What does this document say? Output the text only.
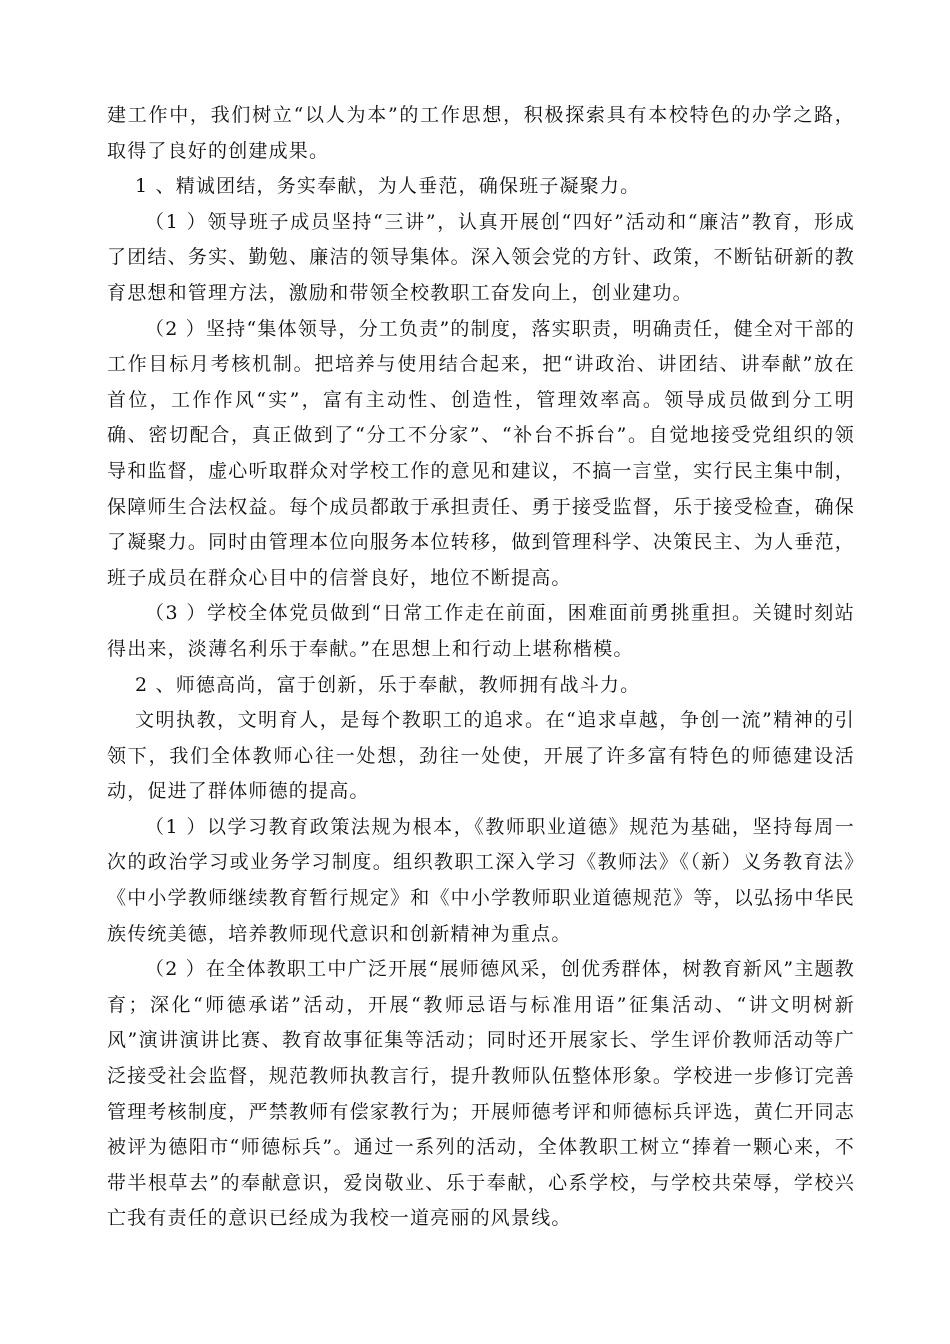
建工作中，我们树立“以人为本”的工作思想，积极探索具有本校特色的办学之路，取得了良好的创建成果。

1 、精诚团结，务实奉献，为人垂范，确保班子凝聚力。

（1 ）领导班子成员坚持“三讲”，认真开展创“四好”活动和“廉洁”教育，形成了团结、务实、勤勉、廉洁的领导集体。深入领会党的方针、政策，不断钻研新的教育思想和管理方法，激励和带领全校教职工奋发向上，创业建功。

（2 ）坚持“集体领导，分工负责”的制度，落实职责，明确责任，健全对干部的工作目标月考核机制。把培养与使用结合起来，把“讲政治、讲团结、讲奉献”放在首位，工作作风“实”，富有主动性、创造性，管理效率高。领导成员做到分工明确、密切配合，真正做到了“分工不分家”、“补台不拆台”。自觉地接受党组织的领导和监督，虚心听取群众对学校工作的意见和建议，不搞一言堂，实行民主集中制，保障师生合法权益。每个成员都敢于承担责任、勇于接受监督，乐于接受检查，确保了凝聚力。同时由管理本位向服务本位转移，做到管理科学、决策民主、为人垂范，班子成员在群众心目中的信誉良好，地位不断提高。

（3 ）学校全体党员做到“日常工作走在前面，困难面前勇挑重担。关键时刻站得出来，淡薄名利乐于奉献。”在思想上和行动上堪称楷模。

2 、师德高尚，富于创新，乐于奉献，教师拥有战斗力。

文明执教，文明育人，是每个教职工的追求。在“追求卓越，争创一流”精神的引领下，我们全体教师心往一处想，劲往一处使，开展了许多富有特色的师德建设活动，促进了群体师德的提高。

（1 ）以学习教育政策法规为根本，《教师职业道德》规范为基础，坚持每周一次的政治学习或业务学习制度。组织教职工深入学习《教师法》《（新）义务教育法》《中小学教师继续教育暂行规定》和《中小学教师职业道德规范》等，以弘扬中华民族传统美德，培养教师现代意识和创新精神为重点。

（2 ）在全体教职工中广泛开展“展师德风采，创优秀群体，树教育新风”主题教育；深化“师德承诺”活动，开展“教师忌语与标准用语”征集活动、“讲文明树新风”演讲演讲比赛、教育故事征集等活动；同时还开展家长、学生评价教师活动等广泛接受社会监督，规范教师执教言行，提升教师队伍整体形象。学校进一步修订完善管理考核制度，严禁教师有偿家教行为；开展师德考评和师德标兵评选，黄仁开同志被评为德阳市“师德标兵”。通过一系列的活动，全体教职工树立“捧着一颗心来，不带半根草去”的奉献意识，爱岗敬业、乐于奉献，心系学校，与学校共荣辱，学校兴亡我有责任的意识已经成为我校一道亮丽的风景线。
